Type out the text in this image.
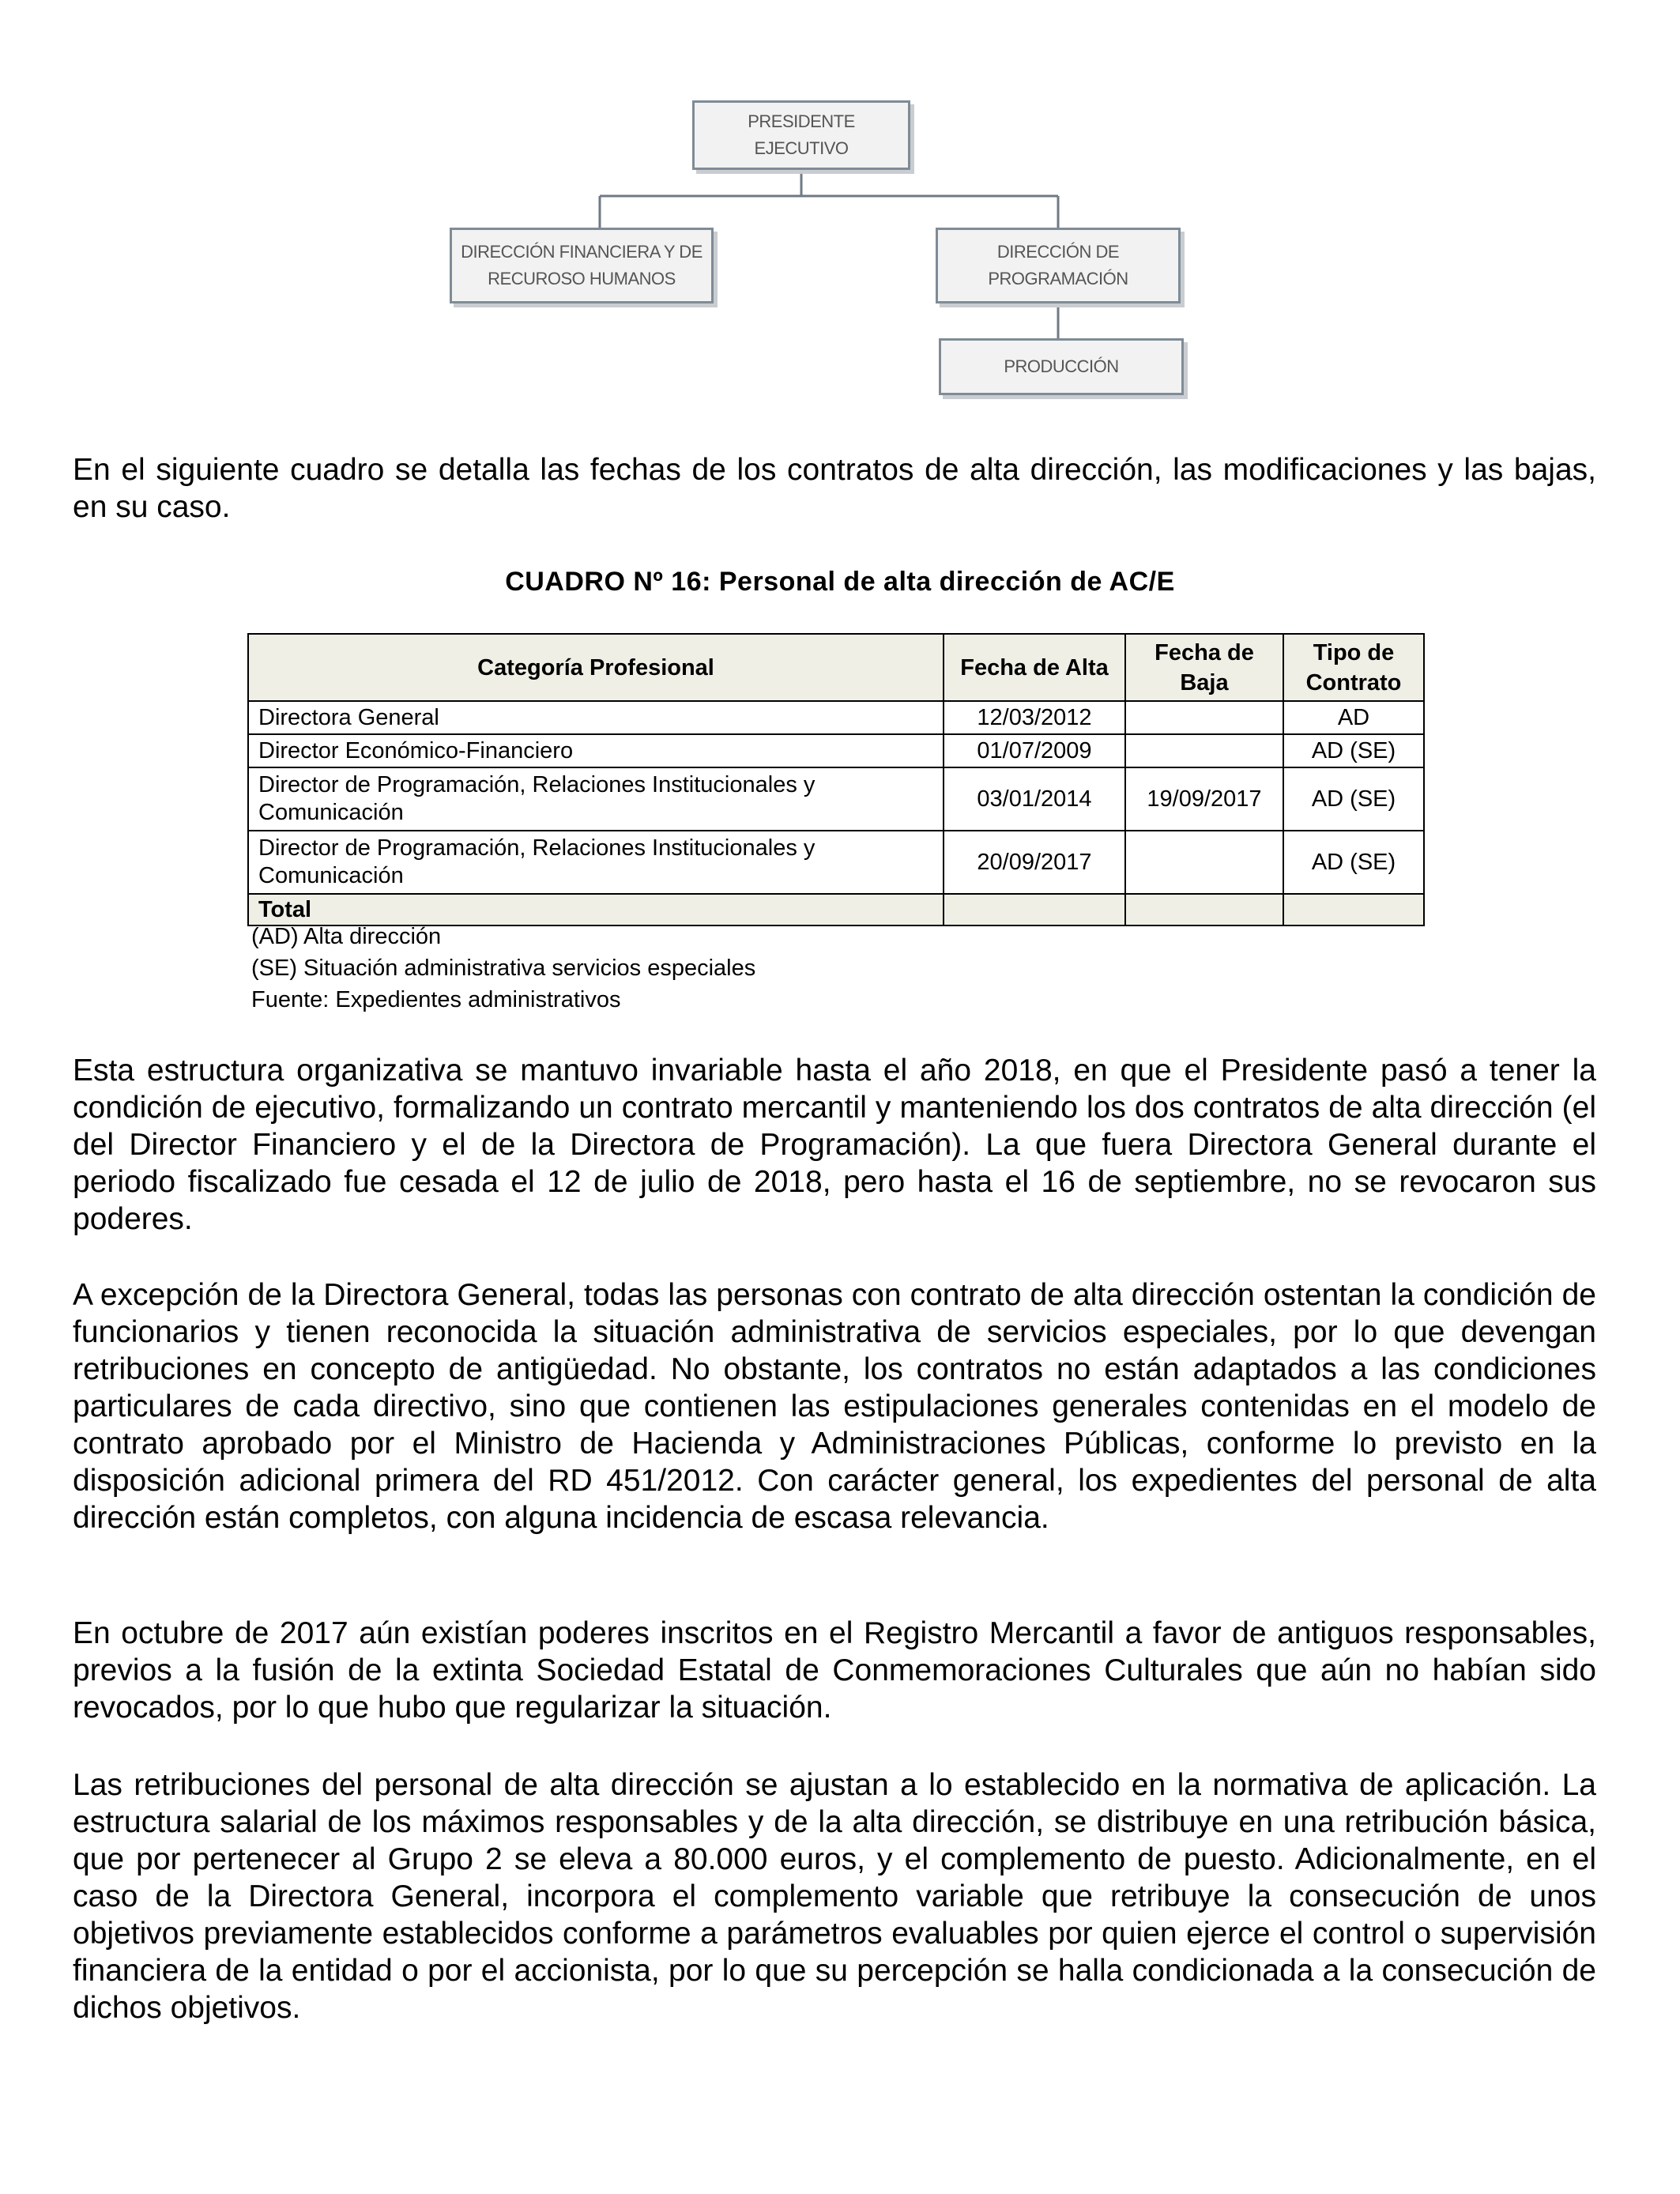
PRESIDENTE
EJECUTIVO
DIRECCIÓN FINANCIERA Y DE
RECUROSO HUMANOS
DIRECCIÓN DE
PROGRAMACIÓN
PRODUCCIÓN

En el siguiente cuadro se detalla las fechas de los contratos de alta dirección, las modificaciones y las bajas, en su caso.

CUADRO Nº 16: Personal de alta dirección de AC/E
Categoría Profesional	Fecha de Alta	Fecha de Baja	Tipo de Contrato
Directora General	12/03/2012		AD
Director Económico-Financiero	01/07/2009		AD (SE)
Director de Programación, Relaciones Institucionales y Comunicación	03/01/2014	19/09/2017	AD (SE)
Director de Programación, Relaciones Institucionales y Comunicación	20/09/2017		AD (SE)
Total			
(AD) Alta dirección
(SE) Situación administrativa servicios especiales
Fuente: Expedientes administrativos

Esta estructura organizativa se mantuvo invariable hasta el año 2018, en que el Presidente pasó a tener la condición de ejecutivo, formalizando un contrato mercantil y manteniendo los dos contratos de alta dirección (el del Director Financiero y el de la Directora de Programación). La que fuera Directora General durante el periodo fiscalizado fue cesada el 12 de julio de 2018, pero hasta el 16 de septiembre, no se revocaron sus poderes.

A excepción de la Directora General, todas las personas con contrato de alta dirección ostentan la condición de funcionarios y tienen reconocida la situación administrativa de servicios especiales, por lo que devengan retribuciones en concepto de antigüedad. No obstante, los contratos no están adaptados a las condiciones particulares de cada directivo, sino que contienen las estipulaciones generales contenidas en el modelo de contrato aprobado por el Ministro de Hacienda y Administraciones Públicas, conforme lo previsto en la disposición adicional primera del RD 451/2012. Con carácter general, los expedientes del personal de alta dirección están completos, con alguna incidencia de escasa relevancia.

En octubre de 2017 aún existían poderes inscritos en el Registro Mercantil a favor de antiguos responsables, previos a la fusión de la extinta Sociedad Estatal de Conmemoraciones Culturales que aún no habían sido revocados, por lo que hubo que regularizar la situación.

Las retribuciones del personal de alta dirección se ajustan a lo establecido en la normativa de aplicación. La estructura salarial de los máximos responsables y de la alta dirección, se distribuye en una retribución básica, que por pertenecer al Grupo 2 se eleva a 80.000 euros, y el complemento de puesto. Adicionalmente, en el caso de la Directora General, incorpora el complemento variable que retribuye la consecución de unos objetivos previamente establecidos conforme a parámetros evaluables por quien ejerce el control o supervisión financiera de la entidad o por el accionista, por lo que su percepción se halla condicionada a la consecución de dichos objetivos.
